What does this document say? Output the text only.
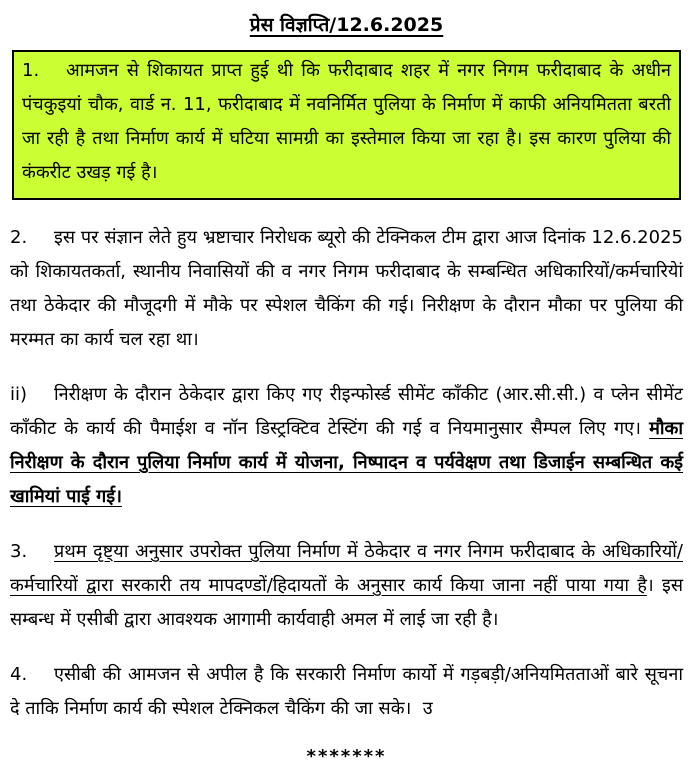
प्रेस विज्ञप्ति/12.6.2025
1. आमजन से शिकायत प्राप्त हुई थी कि फरीदाबाद शहर में नगर निगम फरीदाबाद के अधीन पंचकुइयां चौक, वार्ड न. 11, फरीदाबाद में नवनिर्मित पुलिया के निर्माण में काफी अनियमितता बरती जा रही है तथा निर्माण कार्य में घटिया सामग्री का इस्तेमाल किया जा रहा है। इस कारण पुलिया की कंकरीट उखड़ गई है।
2. इस पर संज्ञान लेते हुय भ्रष्टाचार निरोधक ब्यूरो की टेक्निकल टीम द्वारा आज दिनांक 12.6.2025 को शिकायतकर्ता, स्थानीय निवासियों की व नगर निगम फरीदाबाद के सम्बन्धित अधिकारियों/कर्मचारियेां तथा ठेकेदार की मौजूदगी में मौके पर स्पेशल चैकिंग की गई। निरीक्षण के दौरान मौका पर पुलिया की मरम्मत का कार्य चल रहा था।
ii) निरीक्षण के दौरान ठेकेदार द्वारा किए गए रीइन्फोर्स्ड सीमेंट काँकीट (आर.सी.सी.) व प्लेन सीमेंट काँकीट के कार्य की पैमाईश व नॉन डिस्ट्रक्टिव टेस्टिंग की गई व नियमानुसार सैम्पल लिए गए। मौका निरीक्षण के दौरान पुलिया निर्माण कार्य में योजना, निष्पादन व पर्यवेक्षण तथा डिजाईन सम्बन्धित कई खामियां पाई गई।
3. प्रथम दृष्ट्या अनुसार उपरोक्त पुलिया निर्माण में ठेकेदार व नगर निगम फरीदाबाद के अधिकारियों/कर्मचारियों द्वारा सरकारी तय मापदण्डों/हिदायतों के अनुसार कार्य किया जाना नहीं पाया गया है। इस सम्बन्ध में एसीबी द्वारा आवश्यक आगामी कार्यवाही अमल में लाई जा रही है।
4. एसीबी की आमजन से अपील है कि सरकारी निर्माण कार्यो में गड़बड़ी/अनियमितताओं बारे सूचना दे ताकि निर्माण कार्य की स्पेशल टेक्निकल चैकिंग की जा सके।  उ
*******
